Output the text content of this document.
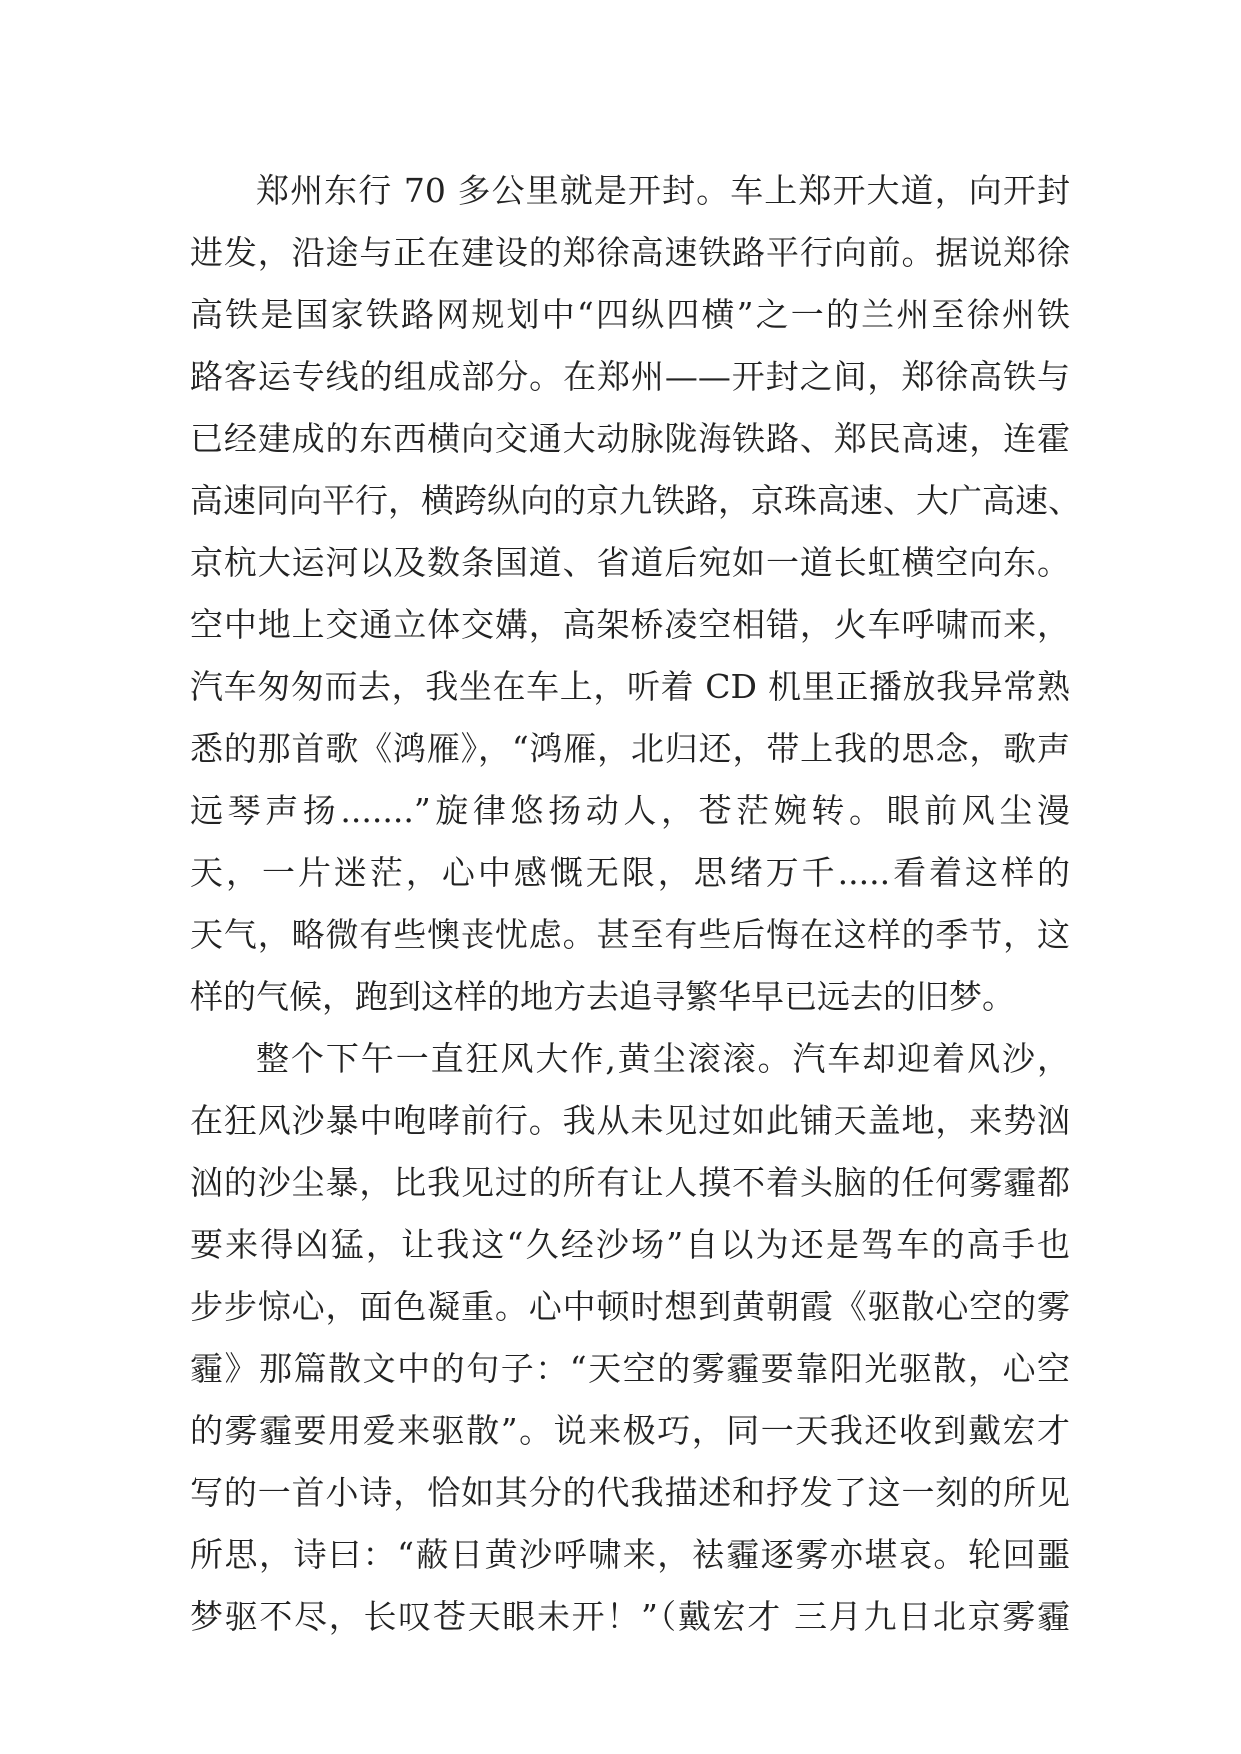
郑州东行 70 多公里就是开封。车上郑开大道，向开封
进发，沿途与正在建设的郑徐高速铁路平行向前。据说郑徐
高铁是国家铁路网规划中“四纵四横”之一的兰州至徐州铁
路客运专线的组成部分。在郑州——开封之间，郑徐高铁与
已经建成的东西横向交通大动脉陇海铁路、郑民高速，连霍
高速同向平行，横跨纵向的京九铁路，京珠高速、大广高速、
京杭大运河以及数条国道、省道后宛如一道长虹横空向东。
空中地上交通立体交媾，高架桥凌空相错，火车呼啸而来，
汽车匆匆而去，我坐在车上，听着 CD 机里正播放我异常熟
悉的那首歌《鸿雁》，“鸿雁，北归还，带上我的思念，歌声
远琴声扬.......”旋律悠扬动人，苍茫婉转。眼前风尘漫
天，一片迷茫，心中感慨无限，思绪万千.....看着这样的
天气，略微有些懊丧忧虑。甚至有些后悔在这样的季节，这
样的气候，跑到这样的地方去追寻繁华早已远去的旧梦。
整个下午一直狂风大作,黄尘滚滚。汽车却迎着风沙，
在狂风沙暴中咆哮前行。我从未见过如此铺天盖地，来势汹
汹的沙尘暴，比我见过的所有让人摸不着头脑的任何雾霾都
要来得凶猛，让我这“久经沙场”自以为还是驾车的高手也
步步惊心，面色凝重。心中顿时想到黄朝霞《驱散心空的雾
霾》那篇散文中的句子：“天空的雾霾要靠阳光驱散，心空
的雾霾要用爱来驱散”。说来极巧，同一天我还收到戴宏才
写的一首小诗，恰如其分的代我描述和抒发了这一刻的所见
所思，诗曰：“蔽日黄沙呼啸来，袪霾逐雾亦堪哀。轮回噩
梦驱不尽，长叹苍天眼未开！”（戴宏才 三月九日北京雾霾
